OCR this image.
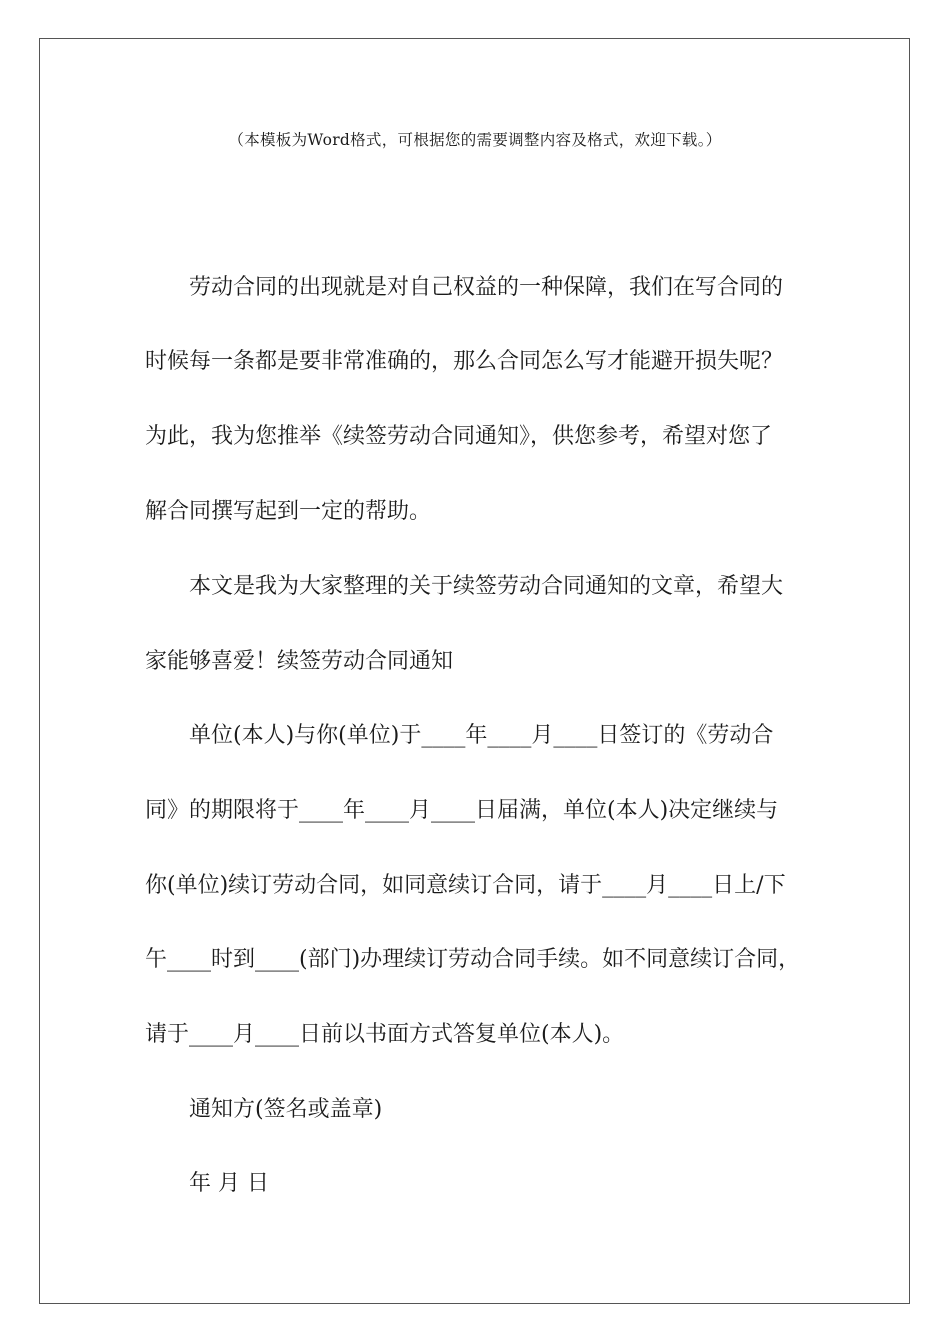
（本模板为Word格式，可根据您的需要调整内容及格式，欢迎下载。）
劳动合同的出现就是对自己权益的一种保障，我们在写合同的
时候每一条都是要非常准确的，那么合同怎么写才能避开损失呢？
为此，我为您推举《续签劳动合同通知》，供您参考，希望对您了
解合同撰写起到一定的帮助。
本文是我为大家整理的关于续签劳动合同通知的文章，希望大
家能够喜爱！续签劳动合同通知
单位(本人)与你(单位)于____年____月____日签订的《劳动合
同》的期限将于____年____月____日届满，单位(本人)决定继续与
你(单位)续订劳动合同，如同意续订合同，请于____月____日上/下
午____时到____(部门)办理续订劳动合同手续。如不同意续订合同，
请于____月____日前以书面方式答复单位(本人)。
通知方(签名或盖章)
年 月 日
